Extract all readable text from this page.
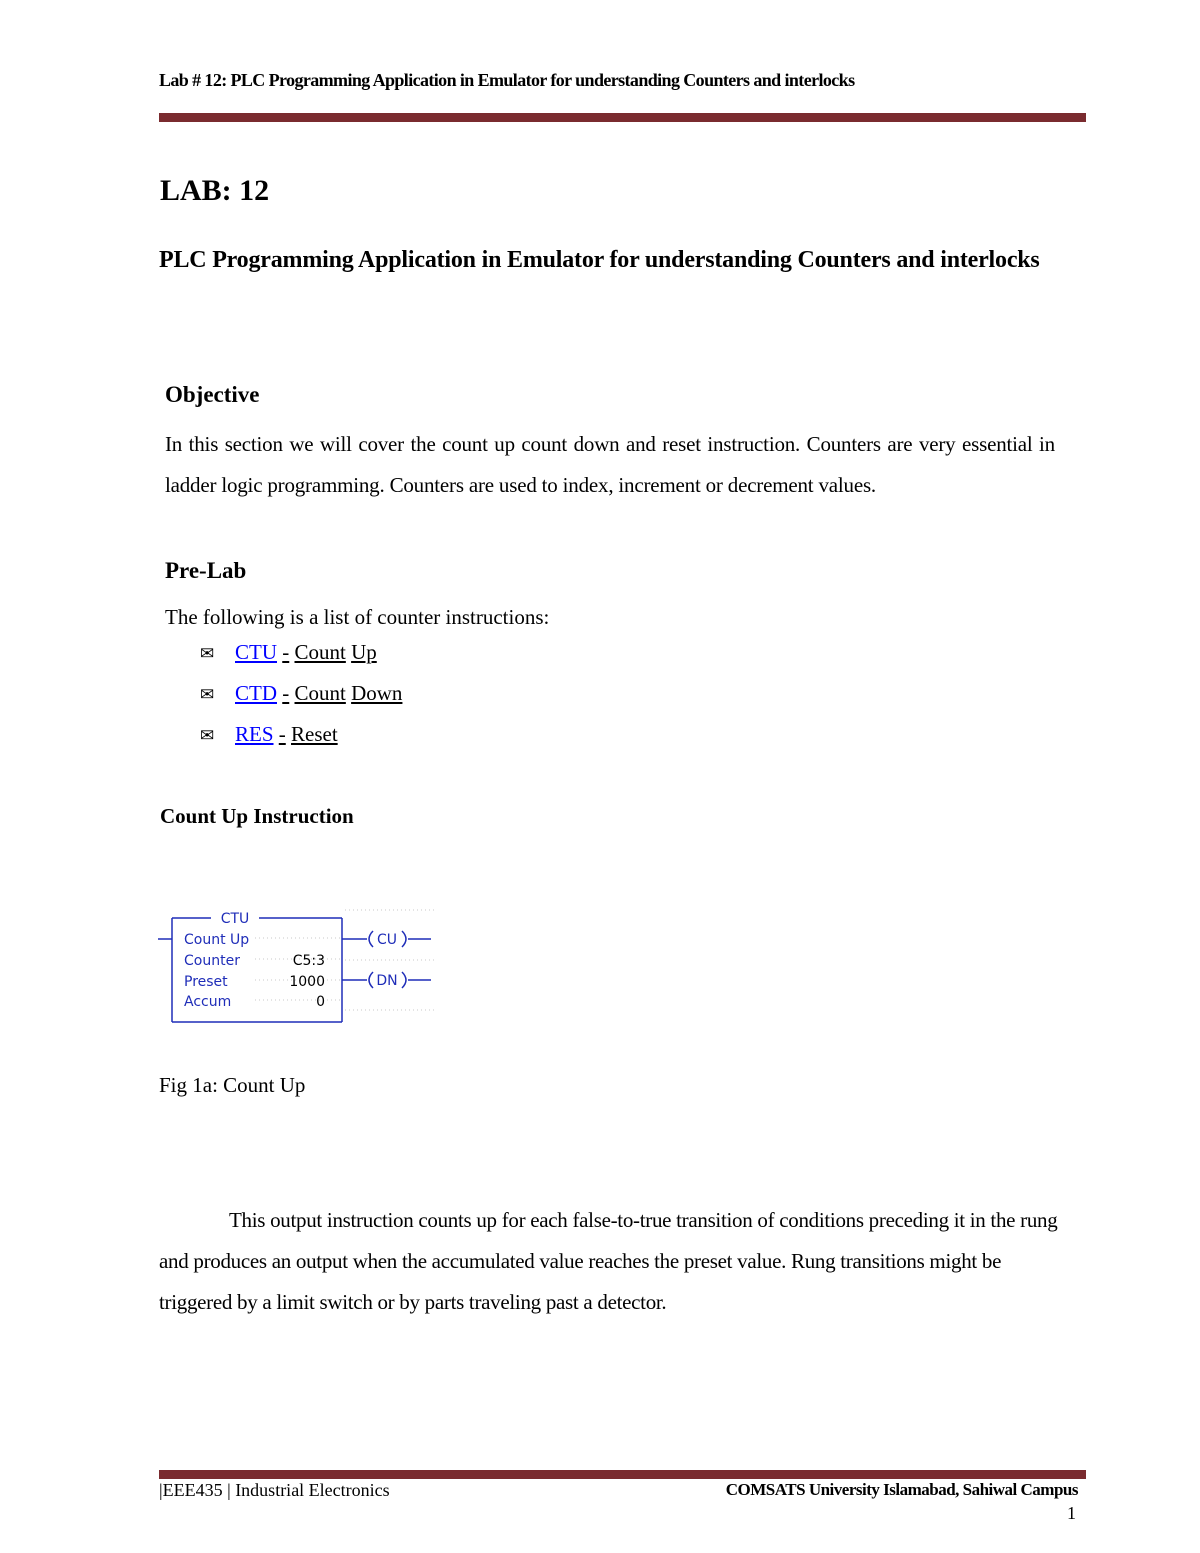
Lab # 12: PLC Programming Application in Emulator for understanding Counters and interlocks
LAB: 12
PLC Programming Application in Emulator for understanding Counters and interlocks
Objective
In this section we will cover the count up count down and reset instruction. Counters are very essential in ladder logic programming. Counters are used to index, increment or decrement values.
Pre-Lab
The following is a list of counter instructions:
✉ CTU - Count Up
✉ CTD - Count Down
✉ RES - Reset
Count Up Instruction
CTU
Count Up
Counter	C5:3
Preset	1000
Accum	0
CU
DN
Fig 1a: Count Up
This output instruction counts up for each false-to-true transition of conditions preceding it in the rung and produces an output when the accumulated value reaches the preset value. Rung transitions might be triggered by a limit switch or by parts traveling past a detector.
|EEE435 | Industrial Electronics	COMSATS University Islamabad, Sahiwal Campus
1
